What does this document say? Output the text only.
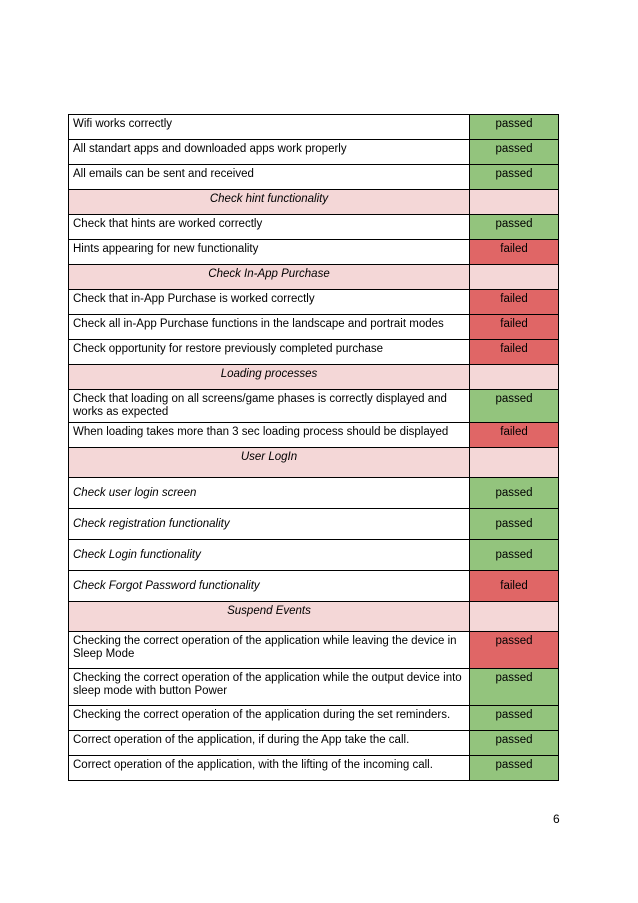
Wifi works correctly	passed
All standart apps and downloaded apps work properly	passed
All emails can be sent and received	passed
Check hint functionality	
Check that hints are worked correctly	passed
Hints appearing for new functionality	failed
Check In-App Purchase	
Check that in-App Purchase is worked correctly	failed
Check all in-App Purchase functions in the landscape and portrait modes	failed
Check opportunity for restore previously completed purchase	failed
Loading processes	
Check that loading on all screens/game phases is correctly displayed and works as expected	passed
When loading takes more than 3 sec loading process should be displayed	failed
User LogIn	
Check user login screen	passed
Check registration functionality	passed
Check Login functionality	passed
Check Forgot Password functionality	failed
Suspend Events	
Checking the correct operation of the application while leaving the device in Sleep Mode	passed
Checking the correct operation of the application while the output device into sleep mode with button Power	passed
Checking the correct operation of the application during the set reminders.	passed
Correct operation of the application, if during the App take the call.	passed
Correct operation of the application, with the lifting of the incoming call.	passed
6
